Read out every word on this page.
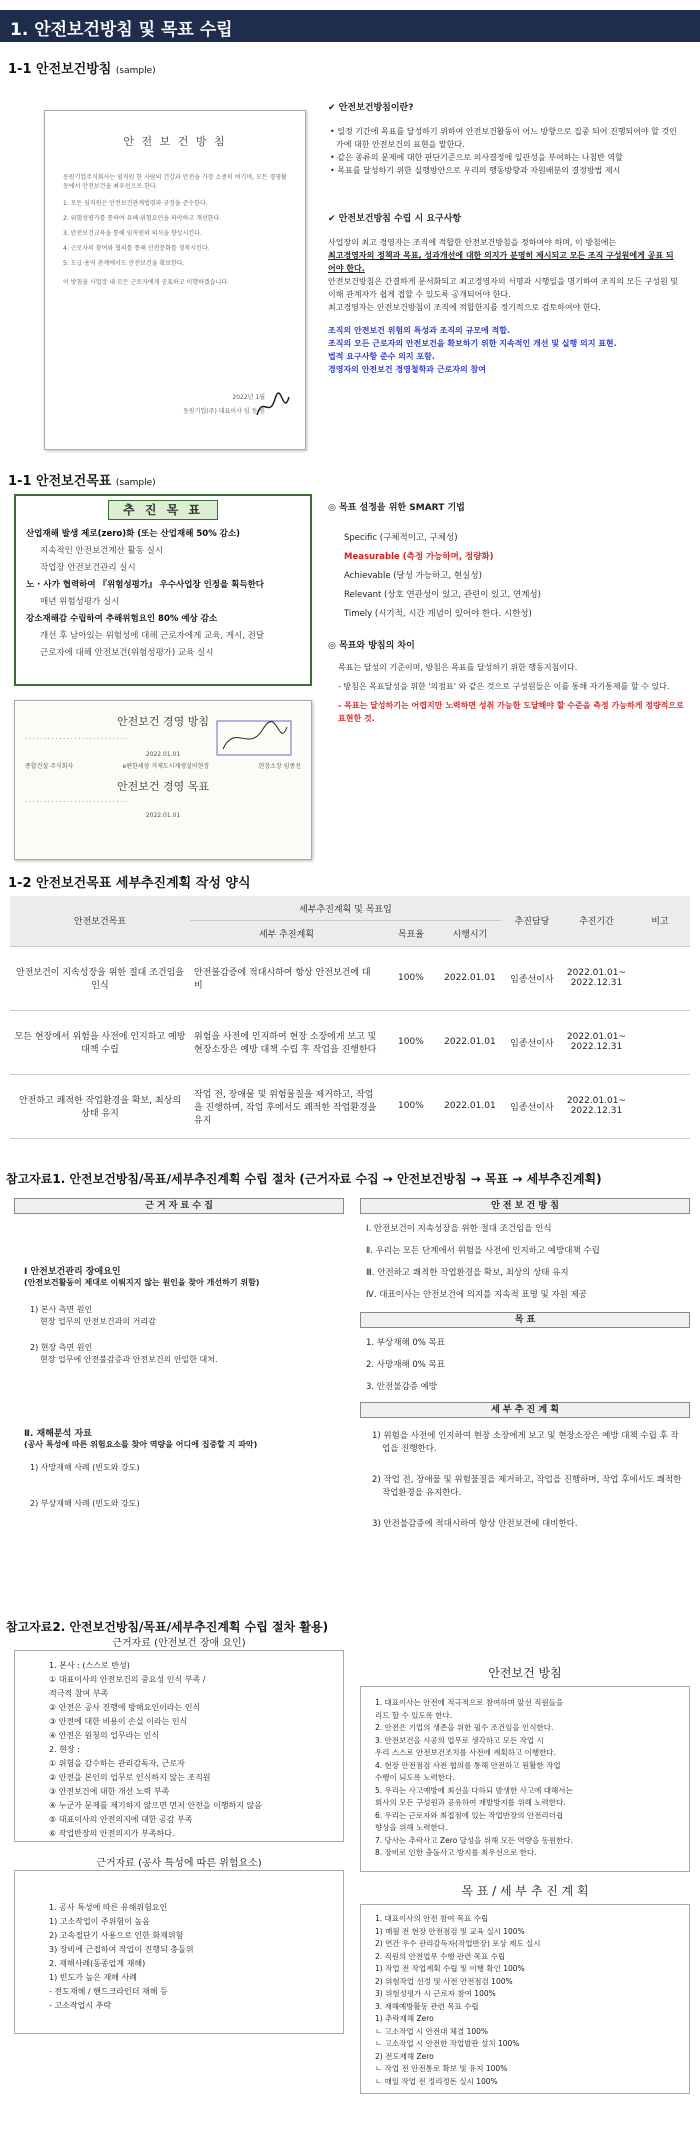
1. 안전보건방침 및 목표 수립
1-1 안전보건방침 (sample)
안 전 보 건 방 침

동원기업주식회사는 임직원 한 사람의 건강과 안전을 가장 소중히 여기며, 모든 경영활동에서 안전보건을 최우선으로 한다.

1. 모든 임직원은 안전보건관계법령과 규정을 준수한다.
2. 위험성평가를 통하여 유해·위험요인을 파악하고 개선한다.
3. 안전보건교육을 통해 임직원의 의식을 향상시킨다.
4. 근로자의 참여와 협의를 통해 안전문화를 정착시킨다.
5. 도급·용역 관계에서도 안전보건을 확보한다.

이 방침을 사업장 내 모든 근로자에게 공표하고 이행하겠습니다.

2022년 1월

동원기업(주) 대표이사 임 동 원

✔ 안전보건방침이란?
• 일정 기간에 목표를 달성하기 위하여 안전보건활동이 어느 방향으로 집중 되어 진행되어야 할 것인가에 대한 안전보건의 표현을 말한다.
• 같은 종류의 문제에 대한 판단기준으로 의사결정에 일관성을 부여하는 나침반 역할
• 목표를 달성하기 위한 실행방안으로 우리의 행동방향과 자원배분의 결정방법 제시
✔ 안전보건방침 수립 시 요구사항
사업장의 최고 경영자는 조직에 적합한 안전보건방침을 정하여야 하며, 이 방침에는
최고경영자의 정책과 목표, 성과개선에 대한 의지가 분명히 제시되고 모든 조직 구성원에게 공표 되어야 한다.
안전보건방침은 간결하게 문서화되고 최고경영자의 서명과 시행일을 명기하여 조직의 모든 구성원 및 이해 관계자가 쉽게 접할 수 있도록 공개되어야 한다.
최고경영자는 안전보건방침이 조직에 적합한지를 정기적으로 검토하여야 한다.
조직의 안전보건 위험의 특성과 조직의 규모에 적합.
조직의 모든 근로자의 안전보건을 확보하기 위한 지속적인 개선 및 실행 의지 표현.
법적 요구사항 준수 의지 포함.
경영자의 안전보건 경영철학과 근로자의 참여
1-1 안전보건목표 (sample)
추 진 목 표
산업재해 발생 제로(zero)화 (또는 산업재해 50% 감소)
지속적인 안전보건계산 활동 실시
작업장 안전보건관리 실시
노 · 사가 협력하여 『위험성평가』 우수사업장 인정을 획득한다
매년 위험성평가 실시
강소재해감 수립하여 추해위험요인 80% 예상 감소
개선 후 남아있는 위험성에 대해 근로자에게 교육, 게시, 전달
근로자에 대해 안전보건(위험성평가) 교육 실시
안전보건 경영 방침

· · · · · · · · · · · · · · · · · · · · · · · · · · ·

2022.01.01

종합건설 주식회사	e편한세상 거제도시재생설비현장	현장소장 임종선
안전보건 경영 목표

· · · · · · · · · · · · · · · · · · · · · · · · · · ·

2022.01.01

◎ 목표 설정을 위한 SMART 기법
Specific (구체적이고, 구체성)
Measurable (측정 가능하며, 정량화)
Achievable (달성 가능하고, 현실성)
Relevant (상호 연관성이 있고, 관련이 있고, 연계성)
Timely (시기적, 시간 개념이 있어야 한다. 시한성)
◎ 목표와 방침의 차이
목표는 달성의 기준이며, 방침은 목표를 달성하기 위한 행동지침이다.
- 방침은 목표달성을 위한 '의점표' 와 같은 것으로 구성원들은 이를 통해 자기통제를 할 수 있다.
- 목표는 달성하기는 어렵지만 노력하면 성취 가능한 도달해야 할 수준을 측정 가능하게 정량적으로 표현한 것.
1-2 안전보건목표 세부추진계획 작성 양식
안전보건목표	세부추진계획 및 목표입			추진담당	추진기간	비고
	세부 추진계획	목표율	시행시기			
안전보건이 지속성장을 위한 절대 조건임을 인식	안전불감증에 적대시하여 항상 안전보건에 대비	100%	2022.01.01	임종선이사	2022.01.01~ 2022.12.31	
모든 현장에서 위험을 사전에 인지하고 예방대책 수립	위험을 사전에 인지하여 현장 소장에게 보고 및 현장소장은 예방 대책 수립 후 작업을 진행한다	100%	2022.01.01	임종선이사	2022.01.01~ 2022.12.31	
안전하고 쾌적한 작업환경을 확보, 최상의 상태 유지	작업 전, 장애물 및 위험물질을 제거하고, 작업을 진행하며, 작업 후에서도 쾌적한 작업환경을 유지	100%	2022.01.01	임종선이사	2022.01.01~ 2022.12.31	
참고자료1. 안전보건방침/목표/세부추진계획 수립 절차 (근거자료 수집 → 안전보건방침 → 목표 → 세부추진계획)
근 거 자 료 수 집
Ⅰ 안전보건관리 장애요인
(안전보건활동이 제대로 이뤄지지 않는 원인을 찾아 개선하기 위함)
1) 본사 측면 원인
현장 업무의 안전보건과의 거리감
2) 현장 측면 원인
현장 업무에 안전불감증과 안전보건의 안일한 대처.
Ⅱ. 재해분석 자료
(공사 특성에 따른 위험요소를 찾아 역량을 어디에 집중할 지 파악)
1) 사망재해 사례 (빈도와 강도)
2) 부상재해 사례 (빈도와 강도)
안 전 보 건 방 침
Ⅰ. 안전보건이 지속성장을 위한 절대 조건임을 인식
Ⅱ. 우리는 모든 단계에서 위험을 사전에 인지하고 예방대책 수립
Ⅲ. 안전하고 쾌적한 작업환경을 확보, 최상의 상태 유지
Ⅳ. 대표이사는 안전보건에 의지를 지속적 표명 및 자원 제공
목 표
1. 부상재해 0% 목표
2. 사망재해 0% 목표
3. 안전불감증 예방
세 부 추 진 계 획
1) 위험을 사전에 인지하여 현장 소장에게 보고 및 현장소장은 예방 대책 수립 후 작업을 진행한다.
2) 작업 전, 장애물 및 위험물질을 제거하고, 작업을 진행하며, 작업 후에서도 쾌적한 작업환경을 유지한다.
3) 안전불감증에 적대시하여 항상 안전보건에 대비한다.
참고자료2. 안전보건방침/목표/세부추진계획 수립 절차 활용)
근거자료 (안전보건 장애 요인)
1. 본사 : (스스로 반성)
① 대표이사의 안전보건의 중요성 인식 부족 /
적극적 참여 부족
② 안전은 공사 진행에 방해요인이라는 인식
③ 안전에 대한 비용이 손실 이라는 인식
④ 안전은 원청의 업무라는 인식
2. 현장 :
① 위험을 감수하는 관리감독자, 근로자
② 안전을 본인의 업무로 인식하지 않는 조직원
③ 안전보건에 대한 개선 노력 부족
④ 누군가 문제를 제기하지 않으면 먼저 안전을 이행하지 않음
⑤ 대표이사의 안전의지에 대한 공감 부족
⑥ 작업반장의 안전의지가 부족하다.
근거자료 (공사 특성에 따른 위험요소)
1. 공사 특성에 따른 유해위험요인
1) 고소작업이 주위험이 높음
2) 고속절단기 사용으로 인한 화재위험
3) 장비에 근접하여 작업이 진행되 충돌위
2. 재해사례(동종업계 재해)
1) 빈도가 높은 재해 사례
- 전도재해 / 핸드크라인더 재해 등
- 고소작업시 추락
안전보건 방침
1. 대표이사는 안전에 적극적으로 참여하며 앞선 직원들을
리드 할 수 있도록 한다.
2. 안전은 기업의 생존을 위한 필수 조건임을 인식한다.
3. 안전보건을 시공의 업무로 생각하고 모든 작업 시
우리 스스로 안전보건조치를 사전에 계획하고 이행한다.
4. 현장 안전점검 사전 협의를 통해 안전하고 원활한 작업
수행이 되도록 노력한다.
5. 우리는 사고예방에 최선을 다하되 발생한 사고에 대해서는
회사의 모든 구성원과 공유하여 재발방지를 위해 노력한다.
6. 우리는 근로자와 최접점에 있는 작업반장의 안전리더쉽
향상을 위해 노력한다.
7. 당사는 추락사고 Zero 달성을 위해 모든 역량을 동원한다.
8. 장비로 인한 충돌사고 방지를 최우선으로 한다.
목 표 / 세 부 추 진 계 획
1. 대표이사의 안전 참여 목표 수립
1) 매월 전 현장 안전점검 및 교육 실시 100%
2) 연간 우수 관리감독자(작업반장) 포상 제도 실시
2. 직원의 안전업무 수행 관련 목표 수립
1) 작업 전 작업계획 수립 및 이행 확인 100%
2) 위험작업 선정 및 사전 안전점검 100%
3) 위험성평가 시 근로자 참여 100%
3. 재해예방활동 관련 목표 수립
1) 추락재해 Zero
ㄴ 고소작업 시 안전대 체결 100%
ㄴ 고소작업 시 안전한 작업발판 설치 100%
2) 전도재해 Zero
ㄴ 작업 전 안전통로 확보 및 유지 100%
ㄴ 매일 작업 전 정리정돈 실시 100%
